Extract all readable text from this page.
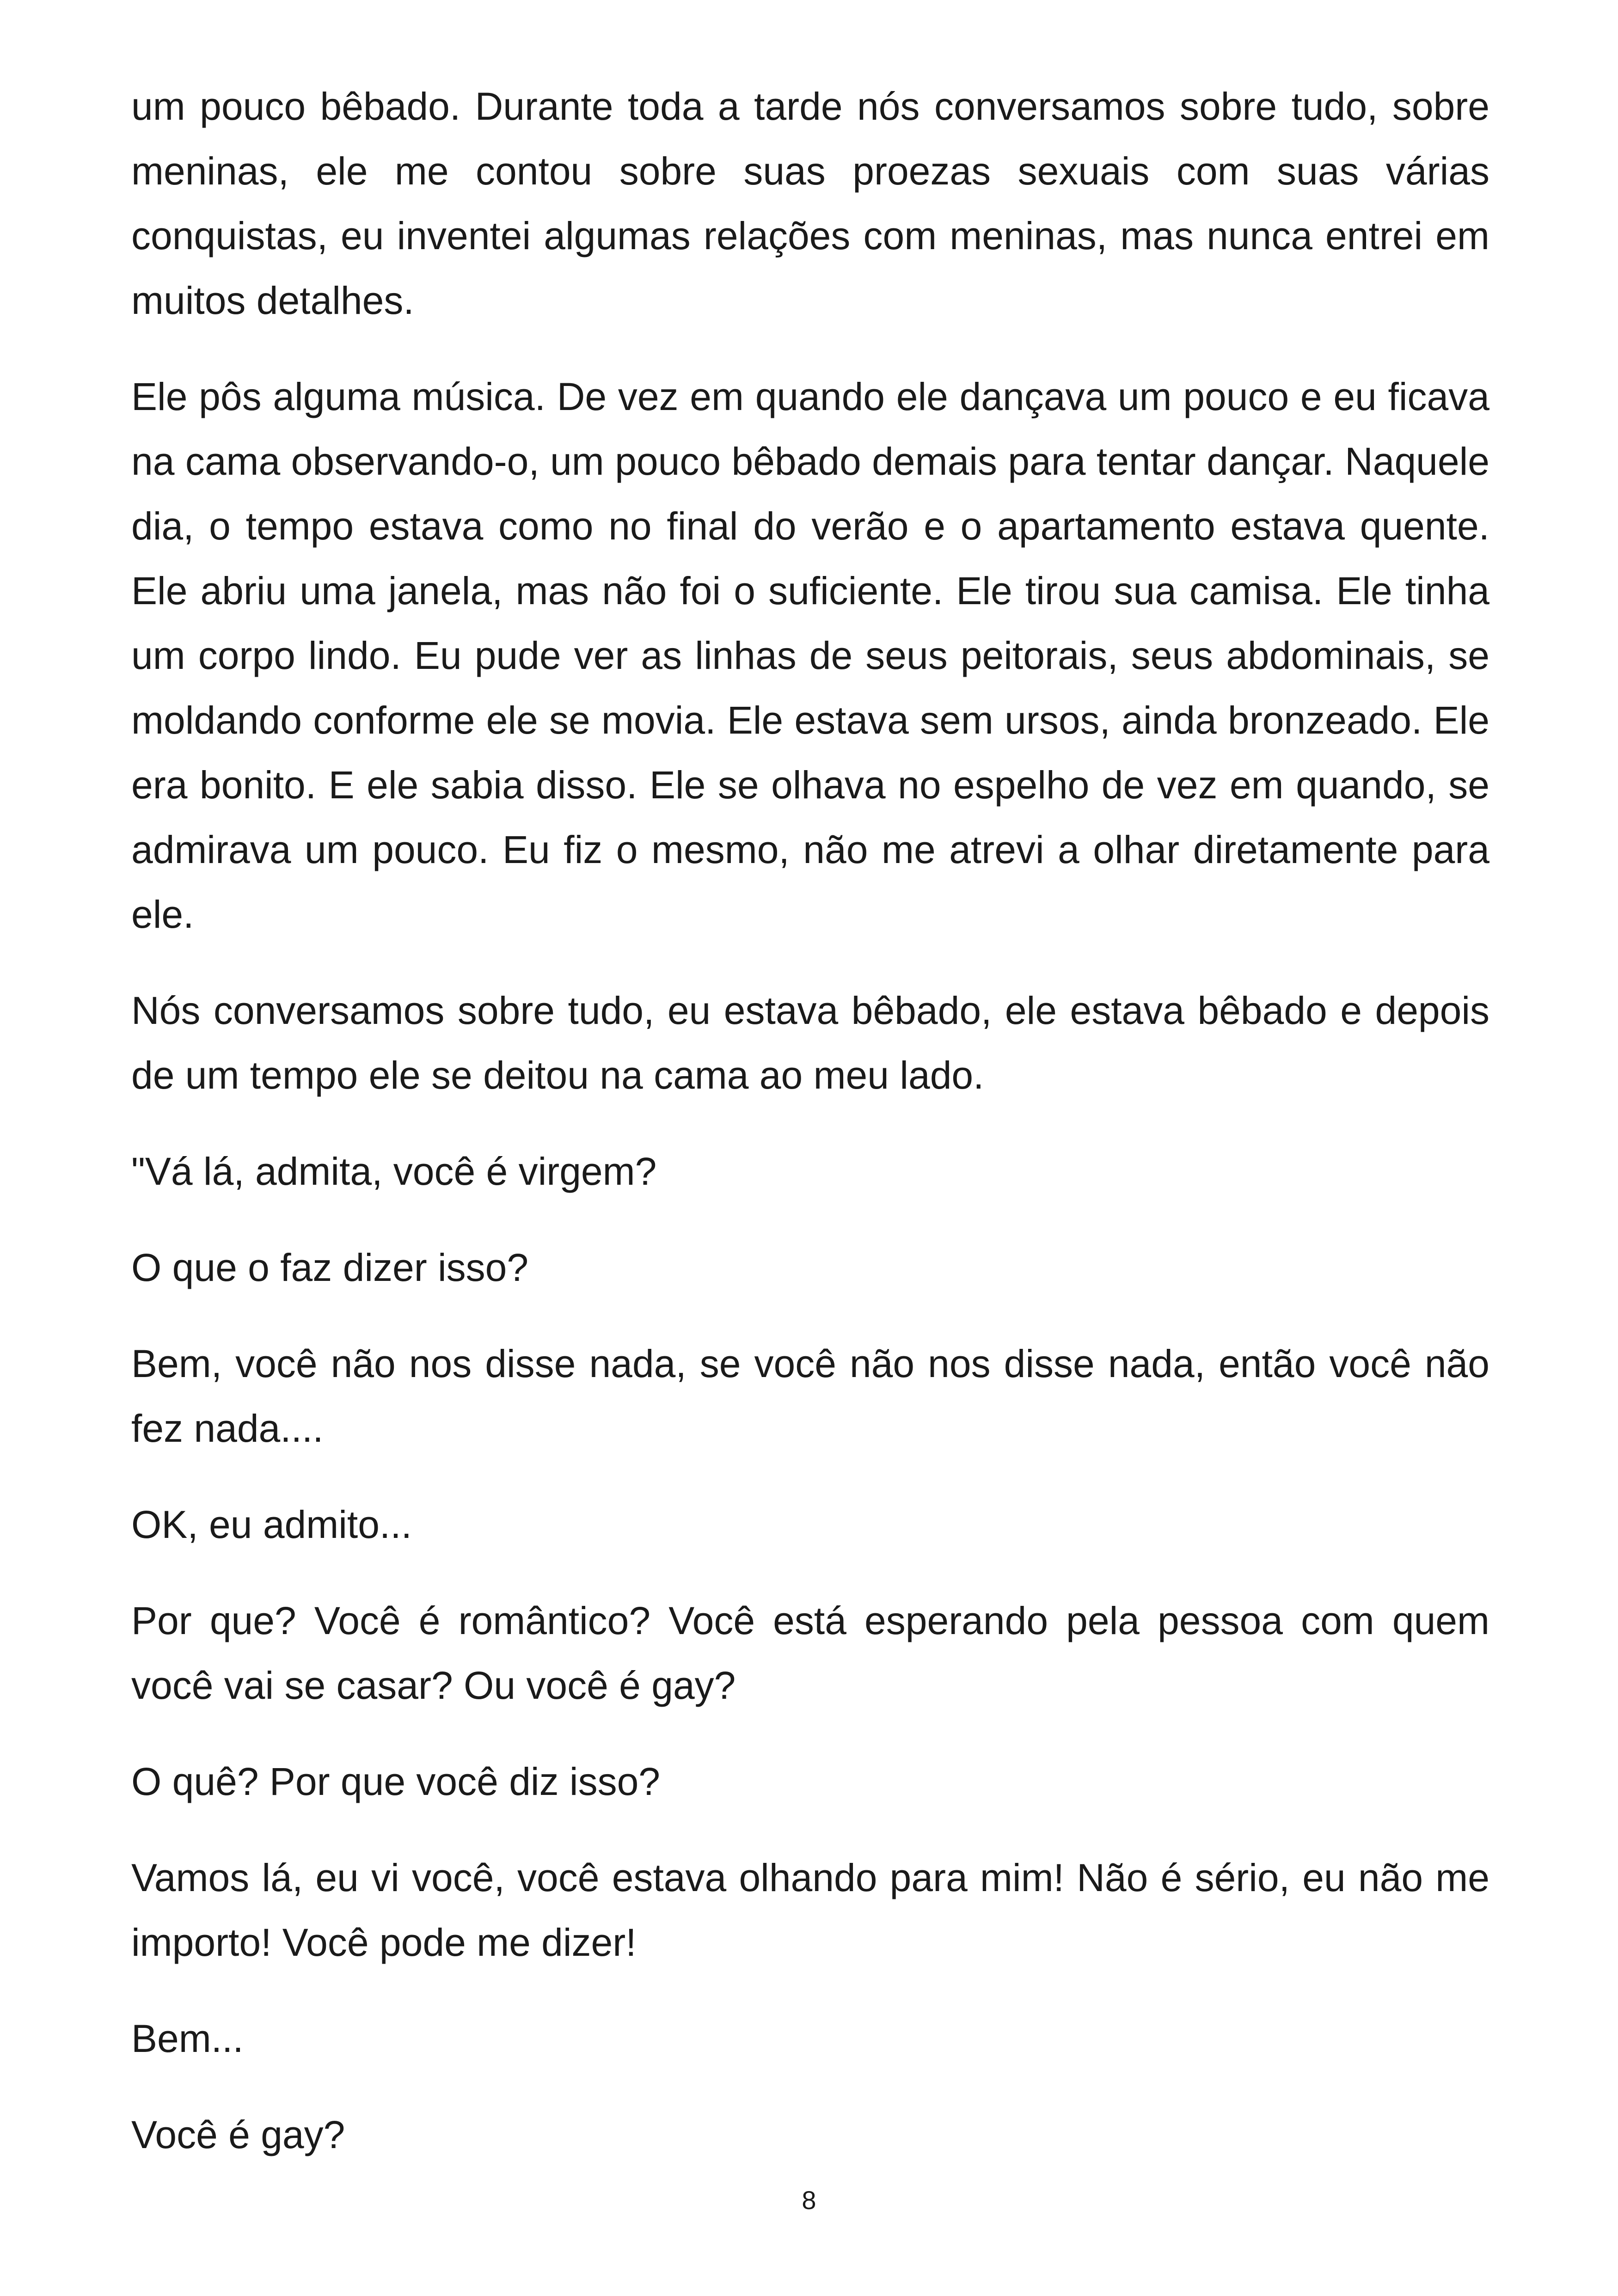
um pouco bêbado. Durante toda a tarde nós conversamos sobre tudo, sobre meninas, ele me contou sobre suas proezas sexuais com suas várias conquistas, eu inventei algumas relações com meninas, mas nunca entrei em muitos detalhes.

Ele pôs alguma música. De vez em quando ele dançava um pouco e eu ficava na cama observando-o, um pouco bêbado demais para tentar dançar. Naquele dia, o tempo estava como no final do verão e o apartamento estava quente. Ele abriu uma janela, mas não foi o suficiente. Ele tirou sua camisa. Ele tinha um corpo lindo. Eu pude ver as linhas de seus peitorais, seus abdominais, se moldando conforme ele se movia. Ele estava sem ursos, ainda bronzeado. Ele era bonito. E ele sabia disso. Ele se olhava no espelho de vez em quando, se admirava um pouco. Eu fiz o mesmo, não me atrevi a olhar diretamente para ele.

Nós conversamos sobre tudo, eu estava bêbado, ele estava bêbado e depois de um tempo ele se deitou na cama ao meu lado.

"Vá lá, admita, você é virgem?

O que o faz dizer isso?

Bem, você não nos disse nada, se você não nos disse nada, então você não fez nada....

OK, eu admito...

Por que? Você é romântico? Você está esperando pela pessoa com quem você vai se casar? Ou você é gay?

O quê? Por que você diz isso?

Vamos lá, eu vi você, você estava olhando para mim! Não é sério, eu não me importo! Você pode me dizer!

Bem...

Você é gay?

8
